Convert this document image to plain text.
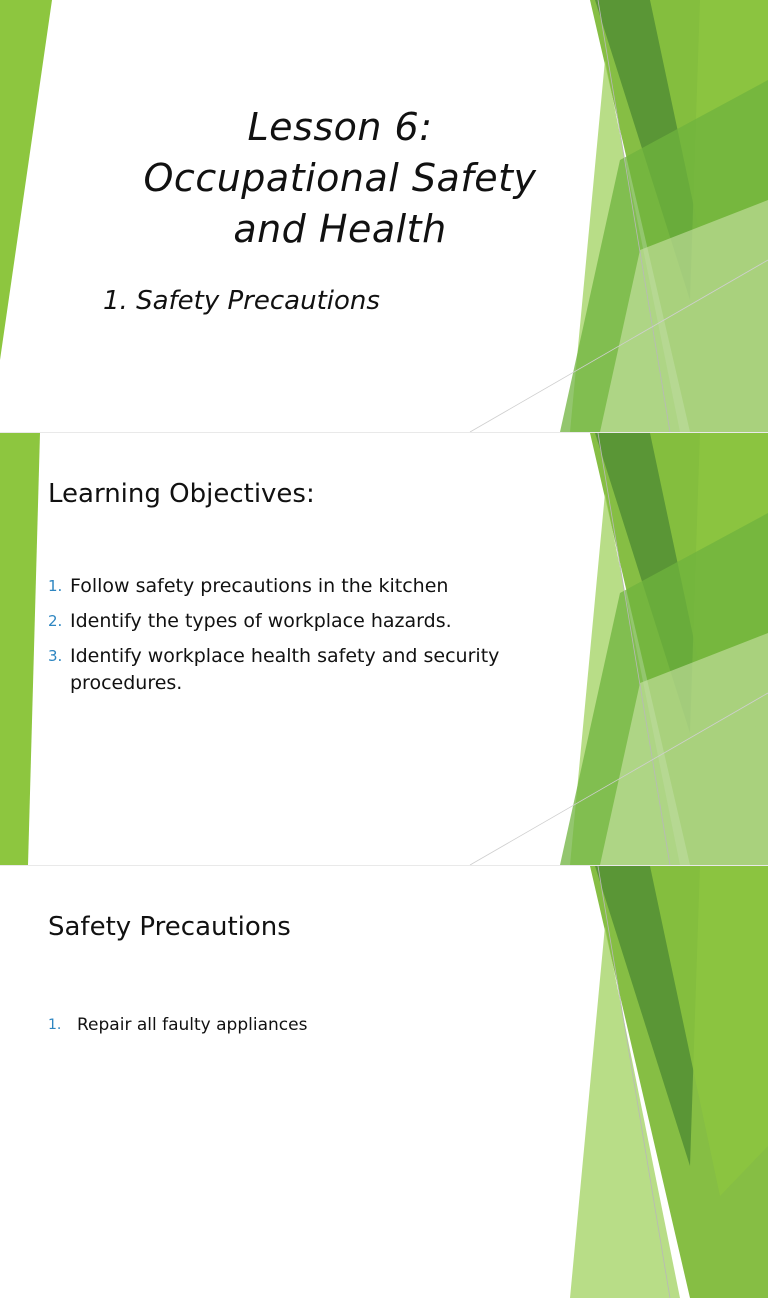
Lesson 6:
Occupational Safety
and Health
1. Safety Precautions
Learning Objectives:
1. Follow safety precautions in the kitchen
2. Identify the types of workplace hazards.
3. Identify workplace health safety and security procedures.
Safety Precautions
1. Repair all faulty appliances
